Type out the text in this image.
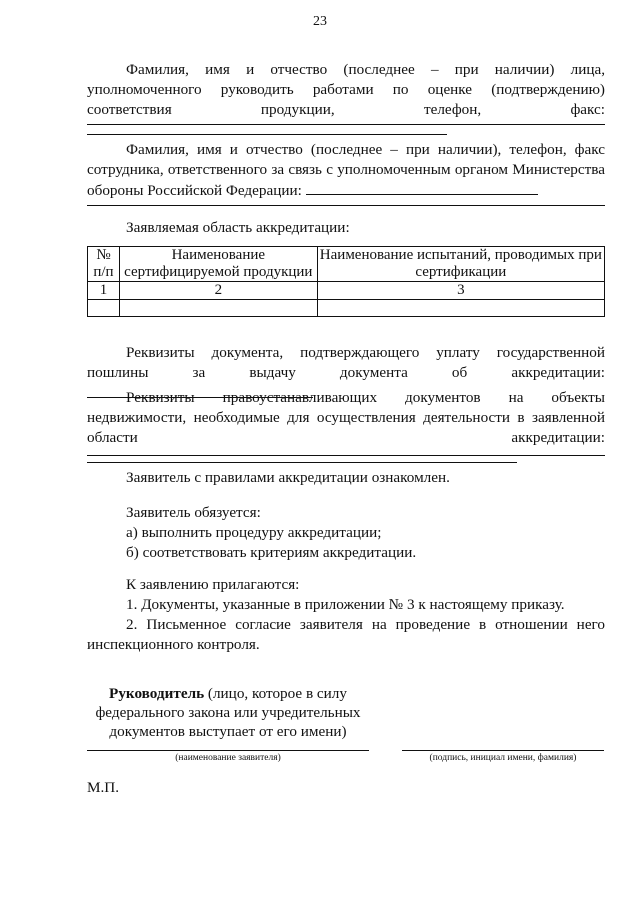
23
Фамилия, имя и отчество (последнее – при наличии) лица, уполномоченного руководить работами по оценке (подтверждению) соответствия продукции, телефон, факс:
Фамилия, имя и отчество (последнее – при наличии), телефон, факс сотрудника, ответственного за связь с уполномоченным органом Министерства обороны Российской Федерации:
Заявляемая область аккредитации:
№ п/п	Наименование сертифицируемой продукции	Наименование испытаний, проводимых при сертификации
1	2	3

Реквизиты документа, подтверждающего уплату государственной пошлины за выдачу документа об аккредитации:
Реквизиты правоустанавливающих документов на объекты недвижимости, необходимые для осуществления деятельности в заявленной области аккредитации:
Заявитель с правилами аккредитации ознакомлен.
Заявитель обязуется:
а) выполнить процедуру аккредитации;
б) соответствовать критериям аккредитации.
К заявлению прилагаются:
1. Документы, указанные в приложении № 3 к настоящему приказу.
2. Письменное согласие заявителя на проведение в отношении него инспекционного контроля.
Руководитель (лицо, которое в силу федерального закона или учредительных документов выступает от его имени)
(наименование заявителя)	(подпись, инициал имени, фамилия)
М.П.
